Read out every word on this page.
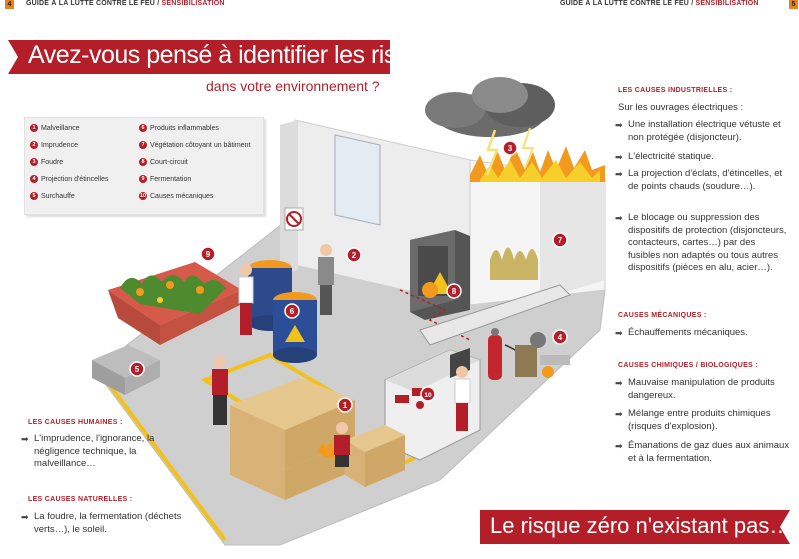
4	GUIDE À LA LUTTE CONTRE LE FEU / SENSIBILISATION	GUIDE À LA LUTTE CONTRE LE FEU / SENSIBILISATION	5
Avez-vous pensé à identifier les risques
dans votre environnement ?
1
2
3
4
5
6
7
8
9
10
1 Malveillance
2 Imprudence
3 Foudre
4 Projection d'étincelles
5 Surchauffe
6 Produits inflammables
7 Végétation côtoyant un bâtiment
8 Court-circuit
9 Fermentation
10 Causes mécaniques
LES CAUSES HUMAINES :
➡ L'imprudence, l'ignorance, la négligence technique, la malveillance…
LES CAUSES NATURELLES :
➡ La foudre, la fermentation (déchets verts…), le soleil.
LES CAUSES INDUSTRIELLES :
Sur les ouvrages électriques :
➡ Une installation électrique vétuste et non protégée (disjoncteur).
➡ L'électricité statique.
➡ La projection d'éclats, d'étincelles, et de points chauds (soudure…).
➡ Le blocage ou suppression des dispositifs de protection (disjoncteurs, contacteurs, cartes…) par des fusibles non adaptés ou tous autres dispositifs (pièces en alu, acier…).
CAUSES MÉCANIQUES :
➡ Échauffements mécaniques.
CAUSES CHIMIQUES / BIOLOGIQUES :
➡ Mauvaise manipulation de produits dangereux.
➡ Mélange entre produits chimiques (risques d'explosion).
➡ Émanations de gaz dues aux animaux et à la fermentation.
Le risque zéro n'existant pas…
